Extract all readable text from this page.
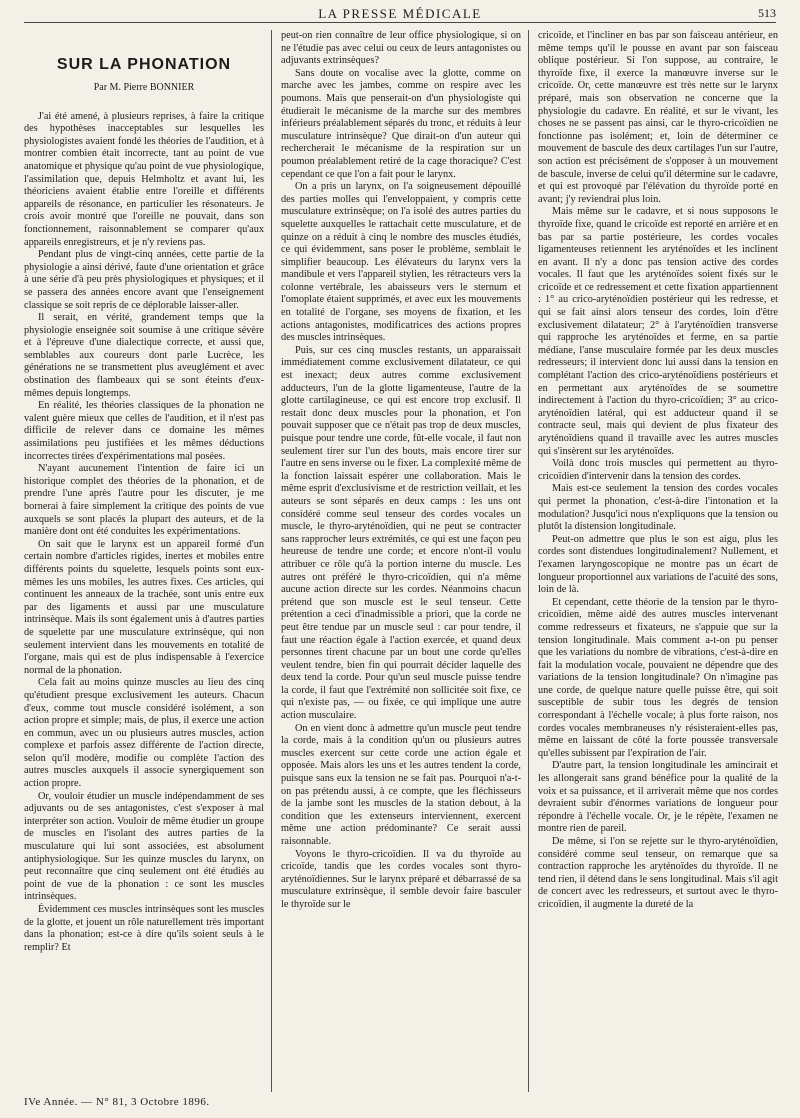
LA PRESSE MÉDICALE	513
SUR LA PHONATION
Par M. Pierre BONNIER

J'ai été amené, à plusieurs reprises, à faire la critique des hypothèses inacceptables sur lesquelles les physiologistes avaient fondé les théories de l'audition, et à montrer combien était incorrecte, tant au point de vue anatomique et physique qu'au point de vue physiologique, l'assimilation que, depuis Helmholtz et avant lui, les théoriciens avaient établie entre l'oreille et différents appareils de résonance, en particulier les résonateurs. Je crois avoir montré que l'oreille ne pouvait, dans son fonctionnement, raisonnablement se comparer qu'aux appareils enregistreurs, et je n'y reviens pas.

Pendant plus de vingt-cinq années, cette partie de la physiologie a ainsi dérivé, faute d'une orientation et grâce à une série d'à peu près physiologiques et physiques; et il se passera des années encore avant que l'enseignement classique se soit repris de ce déplorable laisser-aller.

Il serait, en vérité, grandement temps que la physiologie enseignée soit soumise à une critique sévère et à l'épreuve d'une dialectique correcte, et aussi que, semblables aux coureurs dont parle Lucrèce, les générations ne se transmettent plus aveuglément et avec obstination des flambeaux qui se sont éteints d'eux-mêmes depuis longtemps.

En réalité, les théories classiques de la phonation ne valent guère mieux que celles de l'audition, et il n'est pas difficile de relever dans ce domaine les mêmes assimilations peu justifiées et les mêmes déductions incorrectes tirées d'expérimentations mal posées.

N'ayant aucunement l'intention de faire ici un historique complet des théories de la phonation, et de prendre l'une après l'autre pour les discuter, je me bornerai à faire simplement la critique des points de vue auxquels se sont placés la plupart des auteurs, et de la manière dont ont été conduites les expérimentations.

On sait que le larynx est un appareil formé d'un certain nombre d'articles rigides, inertes et mobiles entre différents points du squelette, lesquels points sont eux-mêmes les uns mobiles, les autres fixes. Ces articles, qui continuent les anneaux de la trachée, sont unis entre eux par des ligaments et aussi par une musculature intrinsèque. Mais ils sont également unis à d'autres parties de squelette par une musculature extrinsèque, qui non seulement intervient dans les mouvements en totalité de l'organe, mais qui est de plus indispensable à l'exercice normal de la phonation.

Cela fait au moins quinze muscles au lieu des cinq qu'étudient presque exclusivement les auteurs. Chacun d'eux, comme tout muscle considéré isolément, a son action propre et simple; mais, de plus, il exerce une action en commun, avec un ou plusieurs autres muscles, action complexe et parfois assez différente de l'action directe, selon qu'il modère, modifie ou complète l'action des autres muscles auxquels il associe synergiquement son action propre.

Or, vouloir étudier un muscle indépendamment de ses adjuvants ou de ses antagonistes, c'est s'exposer à mal interpréter son action. Vouloir de même étudier un groupe de muscles en l'isolant des autres parties de la musculature qui lui sont associées, est absolument antiphysiologique. Sur les quinze muscles du larynx, on peut reconnaître que cinq seulement ont été étudiés au point de vue de la phonation : ce sont les muscles intrinsèques.

Évidemment ces muscles intrinsèques sont les muscles de la glotte, et jouent un rôle naturellement très important dans la phonation; est-ce à dire qu'ils soient seuls à le remplir? Et

peut-on rien connaître de leur office physiologique, si on ne l'étudie pas avec celui ou ceux de leurs antagonistes ou adjuvants extrinsèques?

Sans doute on vocalise avec la glotte, comme on marche avec les jambes, comme on respire avec les poumons. Mais que penserait-on d'un physiologiste qui étudierait le mécanisme de la marche sur des membres inférieurs préalablement séparés du tronc, et réduits à leur musculature intrinsèque? Que dirait-on d'un auteur qui rechercherait le mécanisme de la respiration sur un poumon préalablement retiré de la cage thoracique? C'est cependant ce que l'on a fait pour le larynx.

On a pris un larynx, on l'a soigneusement dépouillé des parties molles qui l'enveloppaient, y compris cette musculature extrinsèque; on l'a isolé des autres parties du squelette auxquelles le rattachait cette musculature, et de quinze on a réduit à cinq le nombre des muscles étudiés, ce qui évidemment, sans poser le problème, semblait le simplifier beaucoup. Les élévateurs du larynx vers la mandibule et vers l'appareil stylien, les rétracteurs vers la colonne vertébrale, les abaisseurs vers le sternum et l'omoplate étaient supprimés, et avec eux les mouvements en totalité de l'organe, ses moyens de fixation, et les actions antagonistes, modificatrices des actions propres des muscles intrinsèques.

Puis, sur ces cinq muscles restants, un apparaissait immédiatement comme exclusivement dilatateur, ce qui est inexact; deux autres comme exclusivement adducteurs, l'un de la glotte ligamenteuse, l'autre de la glotte cartilagineuse, ce qui est encore trop exclusif. Il restait donc deux muscles pour la phonation, et l'on pouvait supposer que ce n'était pas trop de deux muscles, puisque pour tendre une corde, fût-elle vocale, il faut non seulement tirer sur l'un des bouts, mais encore tirer sur l'autre en sens inverse ou le fixer. La complexité même de la fonction laissait espérer une collaboration. Mais le même esprit d'exclusivisme et de restriction veillait, et les auteurs se sont séparés en deux camps : les uns ont considéré comme seul tenseur des cordes vocales un muscle, le thyro-aryténoïdien, qui ne peut se contracter sans rapprocher leurs extrémités, ce qui est une façon peu heureuse de tendre une corde; et encore n'ont-il voulu attribuer ce rôle qu'à la portion interne du muscle. Les autres ont préféré le thyro-cricoïdien, qui n'a même aucune action directe sur les cordes. Néanmoins chacun prétend que son muscle est le seul tenseur. Cette prétention a ceci d'inadmissible a priori, que la corde ne peut être tendue par un muscle seul : car pour tendre, il faut une réaction égale à l'action exercée, et quand deux personnes tirent chacune par un bout une corde qu'elles veulent tendre, bien fin qui pourrait décider laquelle des deux tend la corde. Pour qu'un seul muscle puisse tendre la corde, il faut que l'extrémité non sollicitée soit fixe, ce qui n'existe pas, — ou fixée, ce qui implique une autre action musculaire.

On en vient donc à admettre qu'un muscle peut tendre la corde, mais à la condition qu'un ou plusieurs autres muscles exercent sur cette corde une action égale et opposée. Mais alors les uns et les autres tendent la corde, puisque sans eux la tension ne se fait pas. Pourquoi n'a-t-on pas prétendu aussi, à ce compte, que les fléchisseurs de la jambe sont les muscles de la station debout, à la condition que les extenseurs interviennent, exercent même une action prédominante? Ce serait aussi raisonnable.

Voyons le thyro-cricoïdien. Il va du thyroïde au cricoïde, tandis que les cordes vocales sont thyro-aryténoïdiennes. Sur le larynx préparé et débarrassé de sa musculature extrinsèque, il semble devoir faire basculer le thyroïde sur le

cricoïde, et l'incliner en bas par son faisceau antérieur, en même temps qu'il le pousse en avant par son faisceau oblique postérieur. Si l'on suppose, au contraire, le thyroïde fixe, il exerce la manœuvre inverse sur le cricoïde. Or, cette manœuvre est très nette sur le larynx préparé, mais son observation ne concerne que la physiologie du cadavre. En réalité, et sur le vivant, les choses ne se passent pas ainsi, car le thyro-cricoïdien ne fonctionne pas isolément; et, loin de déterminer ce mouvement de bascule des deux cartilages l'un sur l'autre, son action est précisément de s'opposer à un mouvement de bascule, inverse de celui qu'il détermine sur le cadavre, et qui est provoqué par l'élévation du thyroïde porté en avant; j'y reviendrai plus loin.

Mais même sur le cadavre, et si nous supposons le thyroïde fixe, quand le cricoïde est reporté en arrière et en bas par sa partie postérieure, les cordes vocales ligamenteuses retiennent les aryténoïdes et les inclinent en avant. Il n'y a donc pas tension active des cordes vocales. Il faut que les aryténoïdes soient fixés sur le cricoïde et ce redressement et cette fixation appartiennent : 1° au crico-aryténoïdien postérieur qui les redresse, et qui se fait ainsi alors tenseur des cordes, loin d'être exclusivement dilatateur; 2° à l'aryténoïdien transverse qui rapproche les aryténoïdes et ferme, en sa partie médiane, l'anse musculaire formée par les deux muscles redresseurs; il intervient donc lui aussi dans la tension en complétant l'action des crico-aryténoïdiens postérieurs et en permettant aux aryténoïdes de se soumettre indirectement à l'action du thyro-cricoïdien; 3° au crico-aryténoïdien latéral, qui est adducteur quand il se contracte seul, mais qui devient de plus fixateur des aryténoïdiens quand il travaille avec les autres muscles qui s'insèrent sur les aryténoïdes.

Voilà donc trois muscles qui permettent au thyro-cricoïdien d'intervenir dans la tension des cordes.

Mais est-ce seulement la tension des cordes vocales qui permet la phonation, c'est-à-dire l'intonation et la modulation? Jusqu'ici nous n'expliquons que la tension ou plutôt la distension longitudinale.

Peut-on admettre que plus le son est aigu, plus les cordes sont distendues longitudinalement? Nullement, et l'examen laryngoscopique ne montre pas un écart de longueur proportionnel aux variations de l'acuité des sons, loin de là.

Et cependant, cette théorie de la tension par le thyro-cricoïdien, même aidé des autres muscles intervenant comme redresseurs et fixateurs, ne s'appuie que sur la tension longitudinale. Mais comment a-t-on pu penser que les variations du nombre de vibrations, c'est-à-dire en fait la modulation vocale, pouvaient ne dépendre que des variations de la tension longitudinale? On n'imagine pas une corde, de quelque nature quelle puisse être, qui soit susceptible de subir tous les degrés de tension correspondant à l'échelle vocale; à plus forte raison, nos cordes vocales membraneuses n'y résisteraient-elles pas, même en laissant de côté la forte poussée transversale qu'elles subissent par l'expiration de l'air.

D'autre part, la tension longitudinale les amincirait et les allongerait sans grand bénéfice pour la qualité de la voix et sa puissance, et il arriverait même que nos cordes devraient subir d'énormes variations de longueur pour répondre à l'échelle vocale. Or, je le répète, l'examen ne montre rien de pareil.

De même, si l'on se rejette sur le thyro-aryténoïdien, considéré comme seul tenseur, on remarque que sa contraction rapproche les aryténoïdes du thyroïde. Il ne tend rien, il détend dans le sens longitudinal. Mais s'il agit de concert avec les redresseurs, et surtout avec le thyro-cricoïdien, il augmente la dureté de la

IVe Année. — N° 81, 3 Octobre 1896.
